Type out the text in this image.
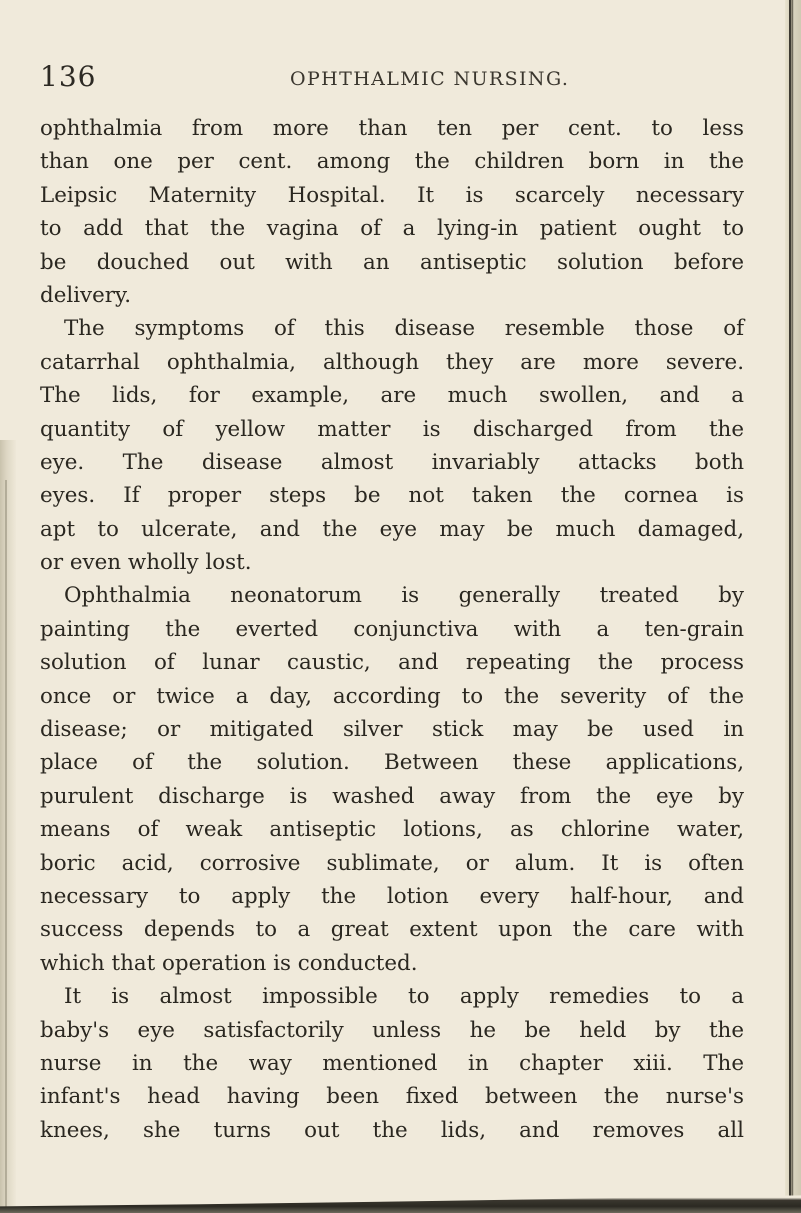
136	OPHTHALMIC NURSING.
ophthalmia from more than ten per cent. to less
than one per cent. among the children born in the
Leipsic Maternity Hospital. It is scarcely necessary
to add that the vagina of a lying-in patient ought to
be douched out with an antiseptic solution before
delivery.
The symptoms of this disease resemble those of
catarrhal ophthalmia, although they are more severe.
The lids, for example, are much swollen, and a
quantity of yellow matter is discharged from the
eye. The disease almost invariably attacks both
eyes. If proper steps be not taken the cornea is
apt to ulcerate, and the eye may be much damaged,
or even wholly lost.
Ophthalmia neonatorum is generally treated by
painting the everted conjunctiva with a ten-grain
solution of lunar caustic, and repeating the process
once or twice a day, according to the severity of the
disease; or mitigated silver stick may be used in
place of the solution. Between these applications,
purulent discharge is washed away from the eye by
means of weak antiseptic lotions, as chlorine water,
boric acid, corrosive sublimate, or alum. It is often
necessary to apply the lotion every half-hour, and
success depends to a great extent upon the care with
which that operation is conducted.
It is almost impossible to apply remedies to a
baby's eye satisfactorily unless he be held by the
nurse in the way mentioned in chapter xiii. The
infant's head having been fixed between the nurse's
knees, she turns out the lids, and removes all
